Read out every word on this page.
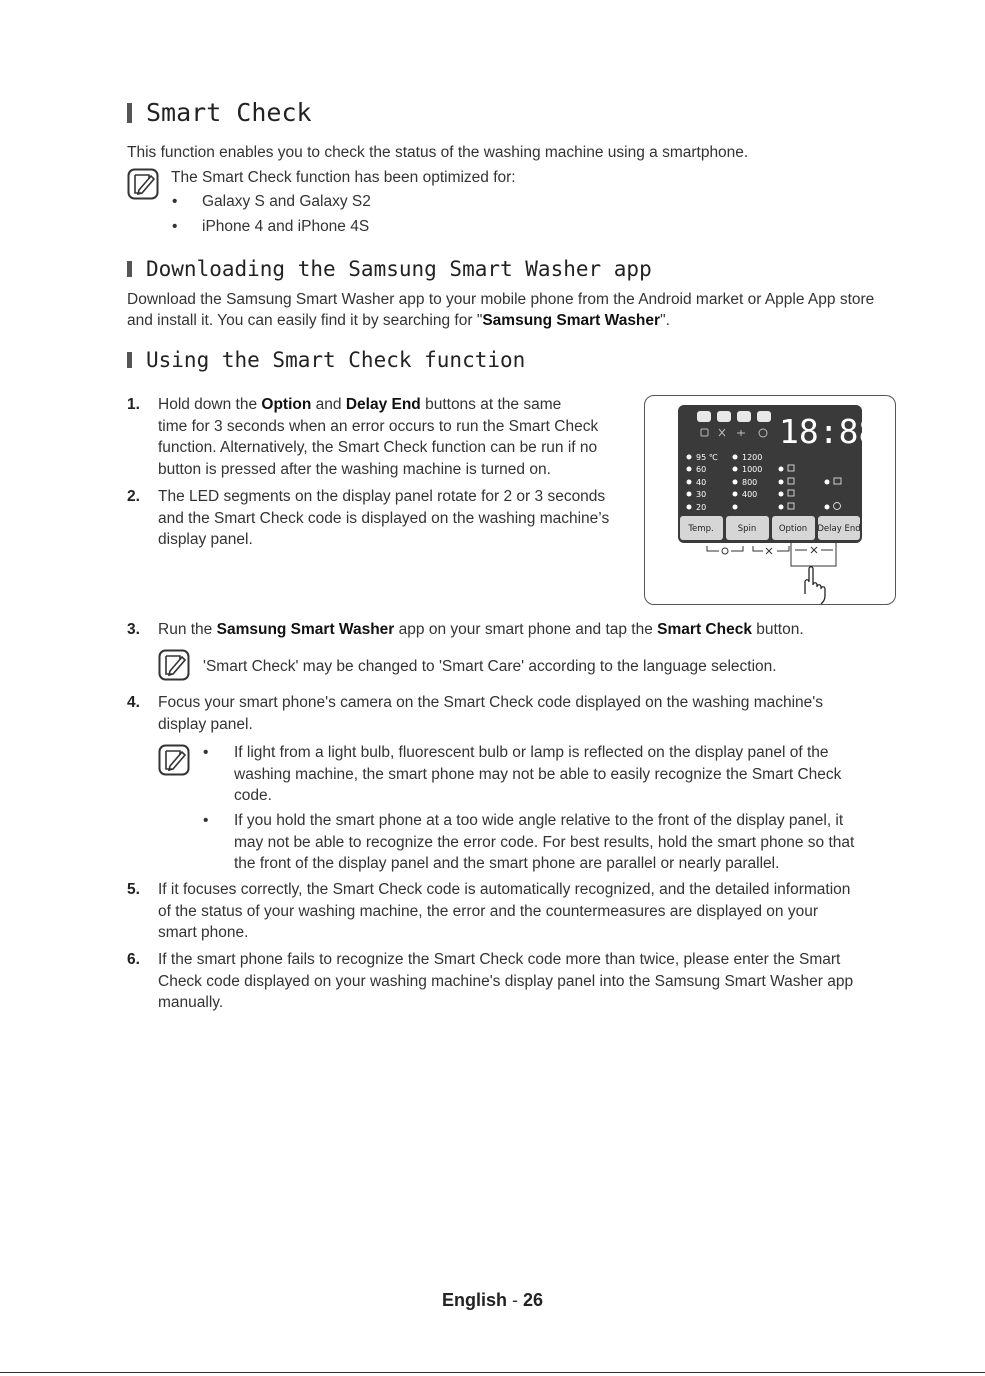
Smart Check

This function enables you to check the status of the washing machine using a smartphone.

The Smart Check function has been optimized for:

• Galaxy S and Galaxy S2
• iPhone 4 and iPhone 4S
Downloading the Samsung Smart Washer app

Download the Samsung Smart Washer app to your mobile phone from the Android market or Apple App store

and install it. You can easily find it by searching for "Samsung Smart Washer".

Using the Smart Check function
1. Hold down the Option and Delay End buttons at the same
time for 3 seconds when an error occurs to run the Smart Check
function. Alternatively, the Smart Check function can be run if no
button is pressed after the washing machine is turned on.
2. The LED segments on the display panel rotate for 2 or 3 seconds
and the Smart Check code is displayed on the washing machine’s
display panel.
18:88
95 ℃
60
40
30
20
1200
1000
800
400
Temp.	Spin	Option Delay End
3. Run the Samsung Smart Washer app on your smart phone and tap the Smart Check button.

'Smart Check' may be changed to 'Smart Care' according to the language selection.

4. Focus your smart phone's camera on the Smart Check code displayed on the washing machine's
display panel.
• If light from a light bulb, fluorescent bulb or lamp is reflected on the display panel of the
washing machine, the smart phone may not be able to easily recognize the Smart Check
code.
• If you hold the smart phone at a too wide angle relative to the front of the display panel, it
may not be able to recognize the error code. For best results, hold the smart phone so that
the front of the display panel and the smart phone are parallel or nearly parallel.
5. If it focuses correctly, the Smart Check code is automatically recognized, and the detailed information
of the status of your washing machine, the error and the countermeasures are displayed on your
smart phone.
6. If the smart phone fails to recognize the Smart Check code more than twice, please enter the Smart
Check code displayed on your washing machine's display panel into the Samsung Smart Washer app
manually.
English - 26
